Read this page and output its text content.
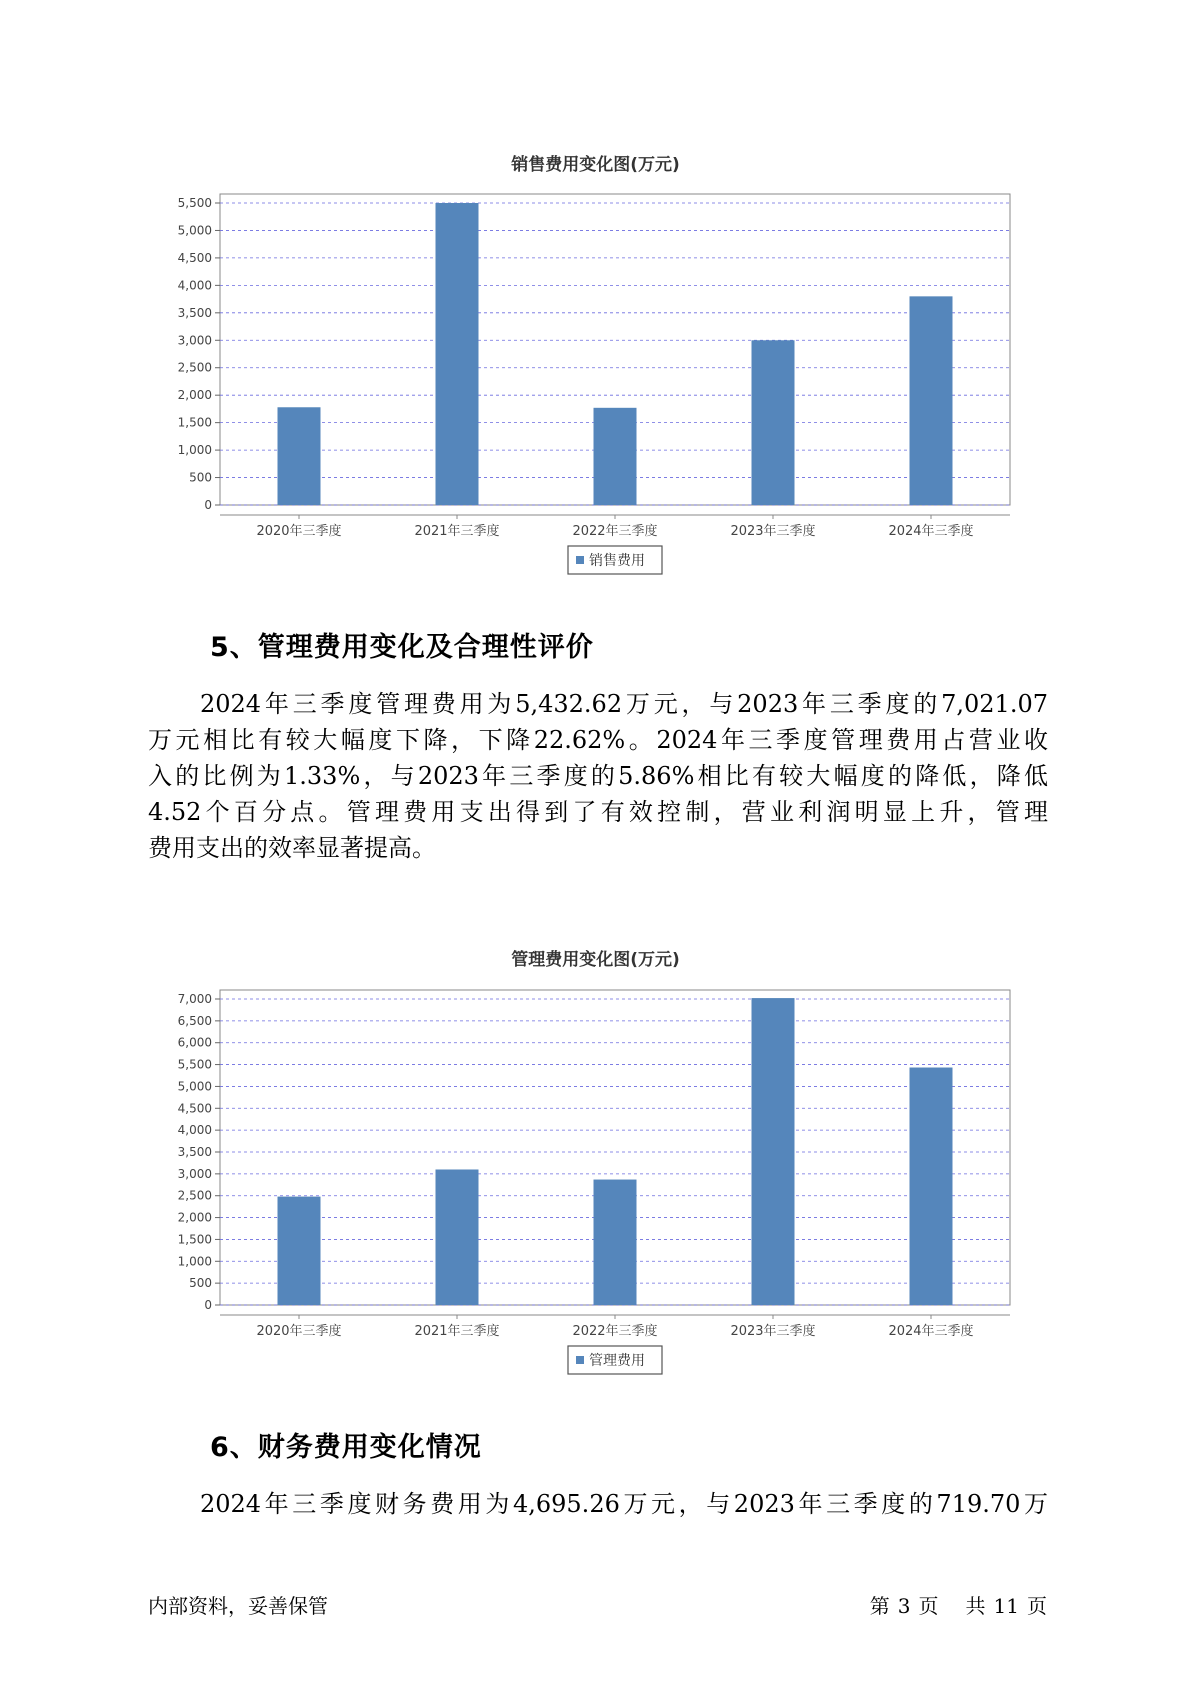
销售费用变化图(万元)
0
500
1,000
1,500
2,000
2,500
3,000
3,500
4,000
4,500
5,000
5,500
2020年三季度	2021年三季度	2022年三季度	2023年三季度	2024年三季度
销售费用
5、管理费用变化及合理性评价
2024年三季度管理费用为5,432.62万元，与2023年三季度的7,021.07
万元相比有较大幅度下降，下降22.62%。2024年三季度管理费用占营业收
入的比例为1.33%，与2023年三季度的5.86%相比有较大幅度的降低，降低
4.52个百分点。管理费用支出得到了有效控制，营业利润明显上升，管理
费用支出的效率显著提高。
管理费用变化图(万元)
0
500
1,000
1,500
2,000
2,500
3,000
3,500
4,000
4,500
5,000
5,500
6,000
6,500
7,000
2020年三季度	2021年三季度	2022年三季度	2023年三季度	2024年三季度
管理费用
6、财务费用变化情况
2024年三季度财务费用为4,695.26万元，与2023年三季度的719.70万
内部资料，妥善保管	第 3 页 共 11 页
